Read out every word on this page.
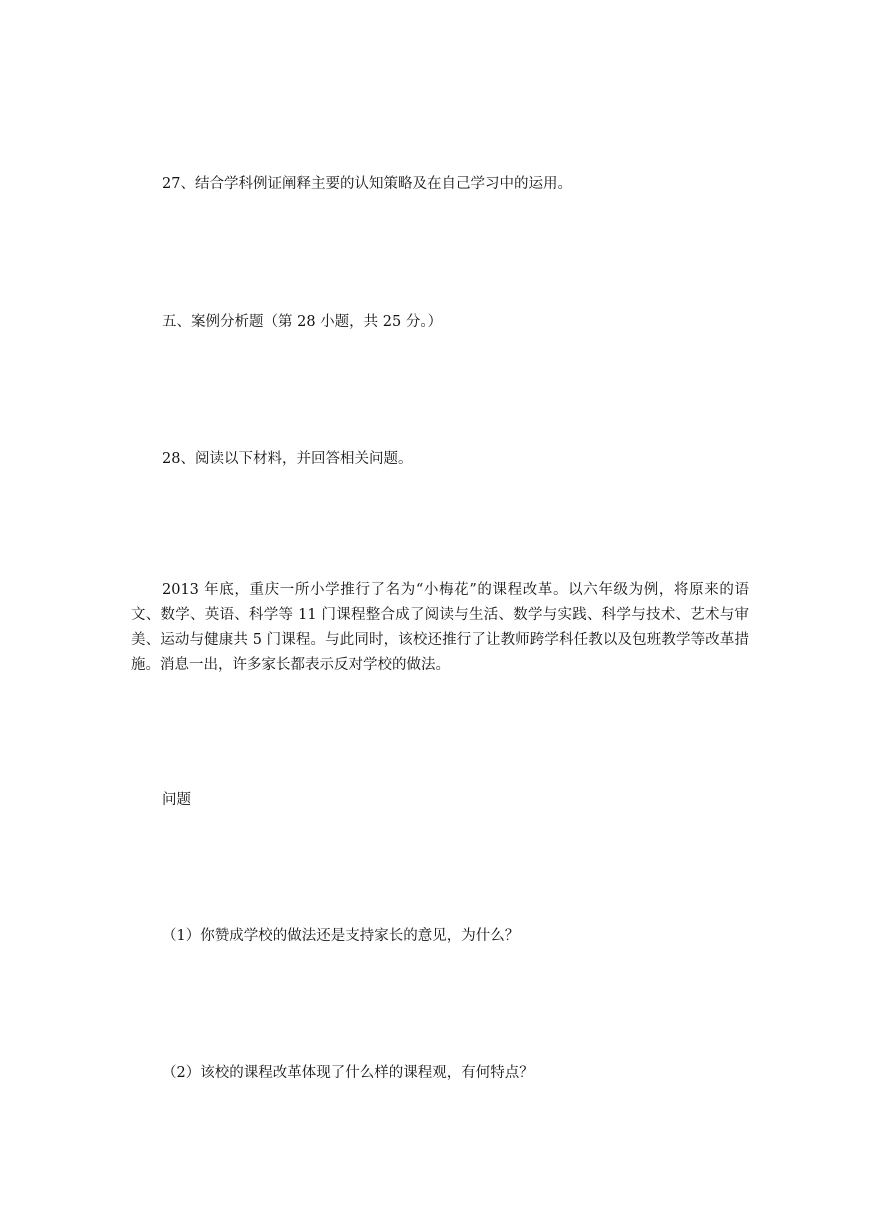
27、结合学科例证阐释主要的认知策略及在自己学习中的运用。
五、案例分析题（第 28 小题，共 25 分。）
28、阅读以下材料，并回答相关问题。
2013 年底，重庆一所小学推行了名为“小梅花”的课程改革。以六年级为例，将原来的语文、数学、英语、科学等 11 门课程整合成了阅读与生活、数学与实践、科学与技术、艺术与审美、运动与健康共 5 门课程。与此同时，该校还推行了让教师跨学科任教以及包班教学等改革措施。消息一出，许多家长都表示反对学校的做法。
问题
（1）你赞成学校的做法还是支持家长的意见，为什么？
（2）该校的课程改革体现了什么样的课程观，有何特点？
